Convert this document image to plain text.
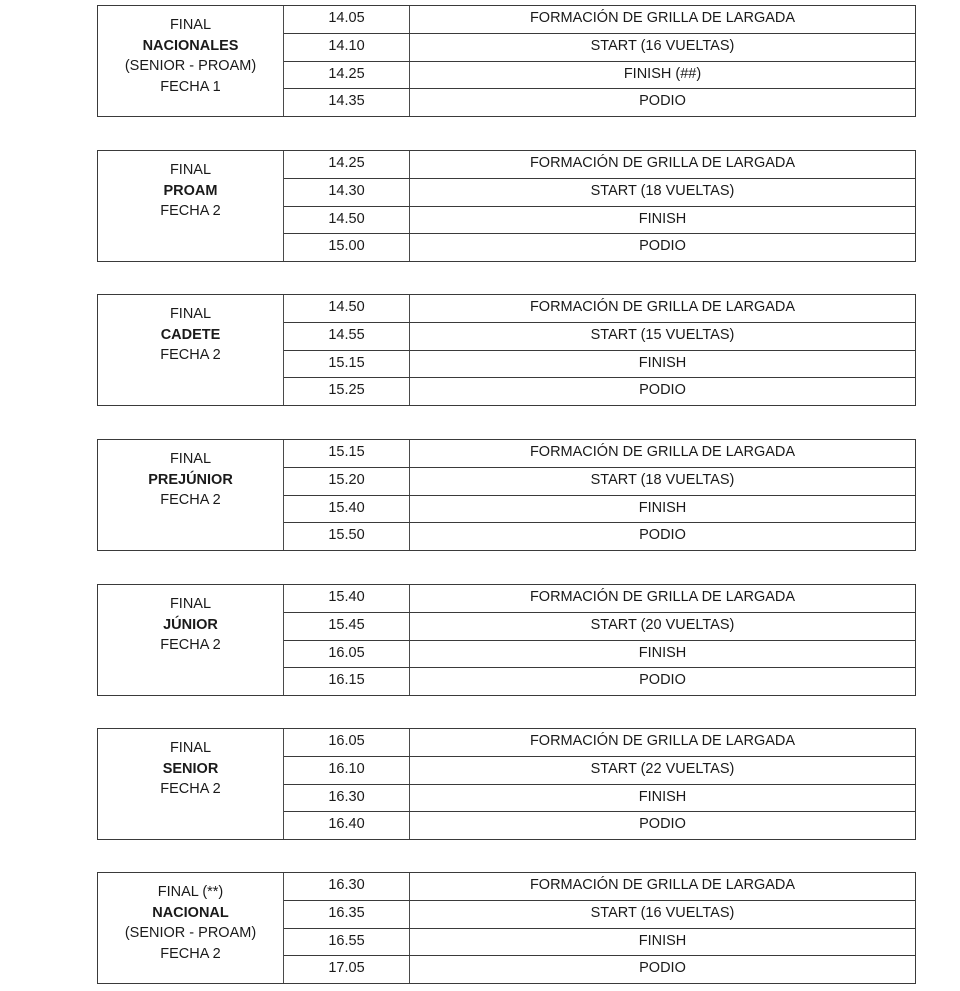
FINAL
NACIONALES
(SENIOR - PROAM)
FECHA 1
14.05	FORMACIÓN DE GRILLA DE LARGADA
14.10	START (16 VUELTAS)
14.25	FINISH (##)
14.35	PODIO
FINAL
PROAM
FECHA 2
14.25	FORMACIÓN DE GRILLA DE LARGADA
14.30	START (18 VUELTAS)
14.50	FINISH
15.00	PODIO
FINAL
CADETE
FECHA 2
14.50	FORMACIÓN DE GRILLA DE LARGADA
14.55	START (15 VUELTAS)
15.15	FINISH
15.25	PODIO
FINAL
PREJÚNIOR
FECHA 2
15.15	FORMACIÓN DE GRILLA DE LARGADA
15.20	START (18 VUELTAS)
15.40	FINISH
15.50	PODIO
FINAL
JÚNIOR
FECHA 2
15.40	FORMACIÓN DE GRILLA DE LARGADA
15.45	START (20 VUELTAS)
16.05	FINISH
16.15	PODIO
FINAL
SENIOR
FECHA 2
16.05	FORMACIÓN DE GRILLA DE LARGADA
16.10	START (22 VUELTAS)
16.30	FINISH
16.40	PODIO
FINAL (**)
NACIONAL
(SENIOR - PROAM)
FECHA 2
16.30	FORMACIÓN DE GRILLA DE LARGADA
16.35	START (16 VUELTAS)
16.55	FINISH
17.05	PODIO
